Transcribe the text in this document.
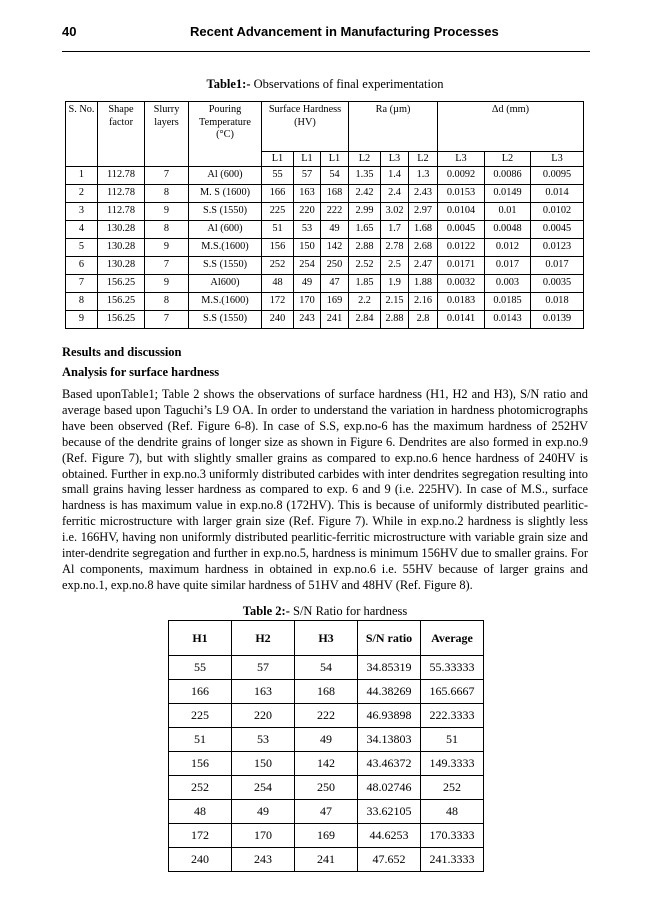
40	Recent Advancement in Manufacturing Processes
Table1:- Observations of final experimentation
S. No.	Shape factor	Slurry layers	Pouring Temperature (°C)	Surface Hardness (HV)			Ra (µm)			Δd (mm)		
				L1	L1	L1	L2	L3	L2	L3	L2	L3
1	112.78	7	Al (600)	55	57	54	1.35	1.4	1.3	0.0092	0.0086	0.0095
2	112.78	8	M. S (1600)	166	163	168	2.42	2.4	2.43	0.0153	0.0149	0.014
3	112.78	9	S.S (1550)	225	220	222	2.99	3.02	2.97	0.0104	0.01	0.0102
4	130.28	8	Al (600)	51	53	49	1.65	1.7	1.68	0.0045	0.0048	0.0045
5	130.28	9	M.S.(1600)	156	150	142	2.88	2.78	2.68	0.0122	0.012	0.0123
6	130.28	7	S.S (1550)	252	254	250	2.52	2.5	2.47	0.0171	0.017	0.017
7	156.25	9	Al600)	48	49	47	1.85	1.9	1.88	0.0032	0.003	0.0035
8	156.25	8	M.S.(1600)	172	170	169	2.2	2.15	2.16	0.0183	0.0185	0.018
9	156.25	7	S.S (1550)	240	243	241	2.84	2.88	2.8	0.0141	0.0143	0.0139
Results and discussion
Analysis for surface hardness
Based uponTable1; Table 2 shows the observations of surface hardness (H1, H2 and H3), S/N ratio and average based upon Taguchi’s L9 OA. In order to understand the variation in hardness photomicrographs have been observed (Ref. Figure 6-8). In case of S.S, exp.no-6 has the maximum hardness of 252HV because of the dendrite grains of longer size as shown in Figure 6. Dendrites are also formed in exp.no.9 (Ref. Figure 7), but with slightly smaller grains as compared to exp.no.6 hence hardness of 240HV is obtained. Further in exp.no.3 uniformly distributed carbides with inter dendrites segregation resulting into small grains having lesser hardness as compared to exp. 6 and 9 (i.e. 225HV). In case of M.S., surface hardness is has maximum value in exp.no.8 (172HV). This is because of uniformly distributed pearlitic-ferritic microstructure with larger grain size (Ref. Figure 7). While in exp.no.2 hardness is slightly less i.e. 166HV, having non uniformly distributed pearlitic-ferritic microstructure with variable grain size and inter-dendrite segregation and further in exp.no.5, hardness is minimum 156HV due to smaller grains. For Al components, maximum hardness in obtained in exp.no.6 i.e. 55HV because of larger grains and exp.no.1, exp.no.8 have quite similar hardness of 51HV and 48HV (Ref. Figure 8).
Table 2:- S/N Ratio for hardness
H1	H2	H3	S/N ratio	Average
55	57	54	34.85319	55.33333
166	163	168	44.38269	165.6667
225	220	222	46.93898	222.3333
51	53	49	34.13803	51
156	150	142	43.46372	149.3333
252	254	250	48.02746	252
48	49	47	33.62105	48
172	170	169	44.6253	170.3333
240	243	241	47.652	241.3333
